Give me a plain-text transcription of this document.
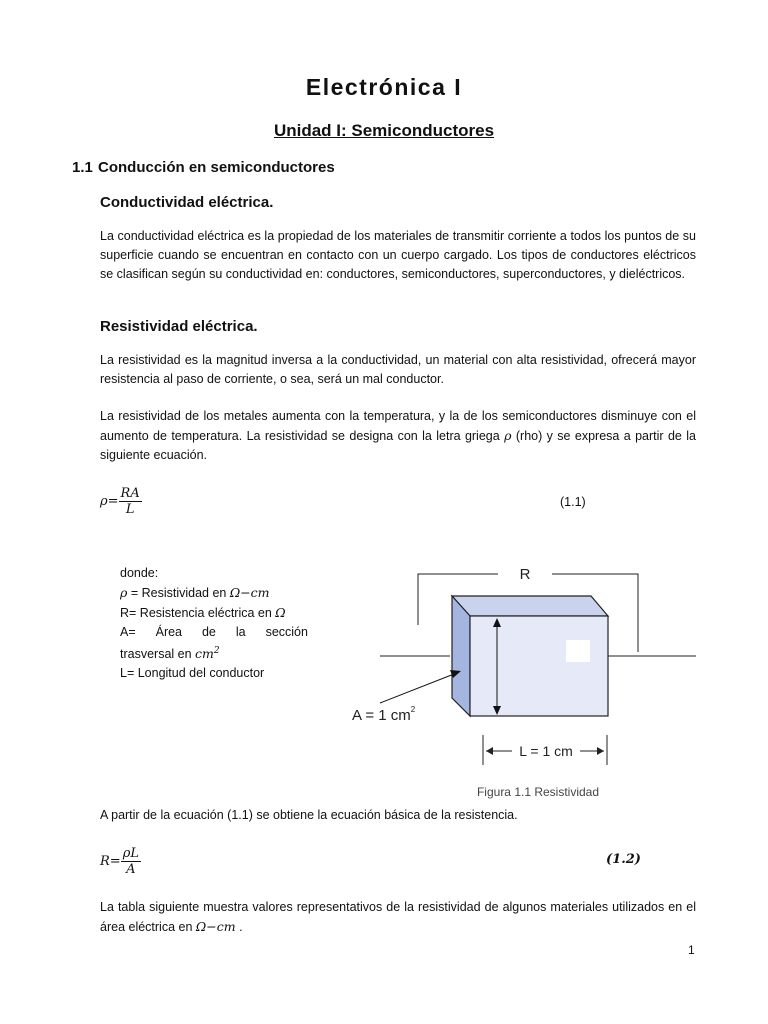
Electrónica I
Unidad I: Semiconductores
1.1 Conducción en semiconductores
Conductividad eléctrica.
La conductividad eléctrica es la propiedad de los materiales de transmitir corriente a todos los puntos de su superficie cuando se encuentran en contacto con un cuerpo cargado. Los tipos de conductores eléctricos se clasifican según su conductividad en: conductores, semiconductores, superconductores, y dieléctricos.
Resistividad eléctrica.
La resistividad es la magnitud inversa a la conductividad, un material con alta resistividad, ofrecerá mayor resistencia al paso de corriente, o sea, será un mal conductor.
La resistividad de los metales aumenta con la temperatura, y la de los semiconductores disminuye con el aumento de temperatura. La resistividad se designa con la letra griega ρ (rho) y se expresa a partir de la siguiente ecuación.
$\rho= \frac{RA}{L}$	(1.1)
donde:
ρ = Resistividad en Ω−cm
R= Resistencia eléctrica en Ω
A= Área de la sección
trasversal en $cm^2$
L= Longitud del conductor
R
A = 1 $cm^2$
L = 1 cm
Figura 1.1 Resistividad
A partir de la ecuación (1.1) se obtiene la ecuación básica de la resistencia.
$R= \frac{\rho L}{A}$	(1.2)
La tabla siguiente muestra valores representativos de la resistividad de algunos materiales utilizados en el área eléctrica en Ω−cm .
1
